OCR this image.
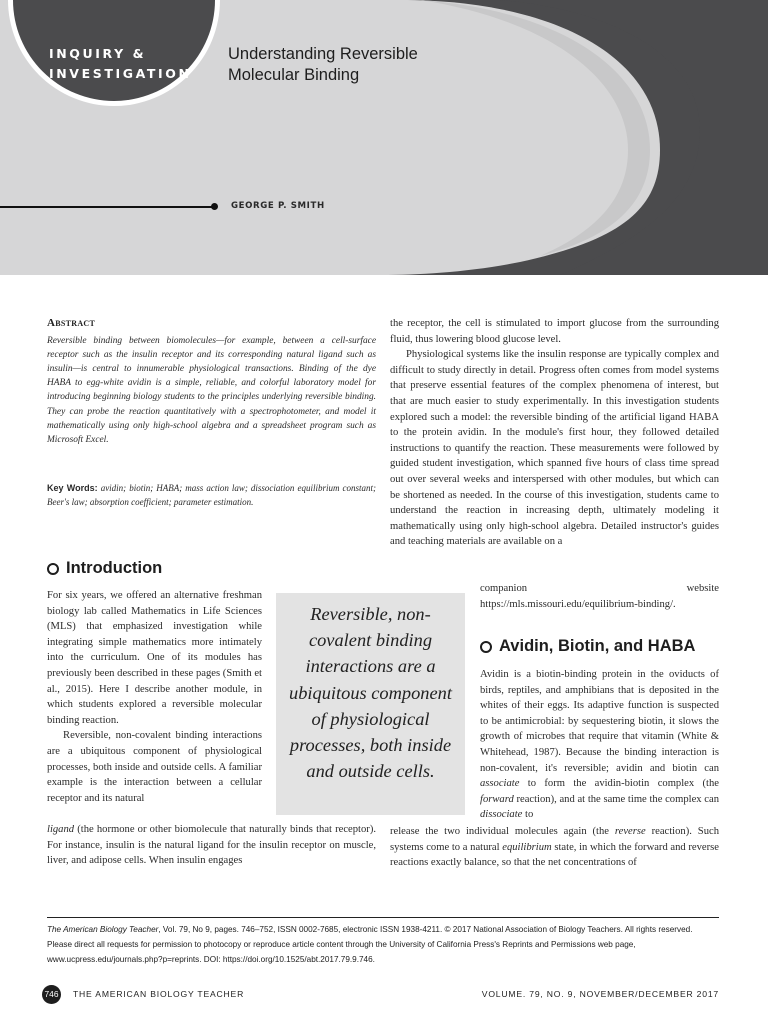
INQUIRY &
INVESTIGATION
Understanding Reversible
Molecular Binding
GEORGE P. SMITH
Abstract

Reversible binding between biomolecules—for example, between a cell-surface receptor such as the insulin receptor and its corresponding natural ligand such as insulin—is central to innumerable physiological transactions. Binding of the dye HABA to egg-white avidin is a simple, reliable, and colorful laboratory model for introducing beginning biology students to the principles underlying reversible binding. They can probe the reaction quantitatively with a spectrophotometer, and model it mathematically using only high-school algebra and a spreadsheet program such as Microsoft Excel.

Key Words: avidin; biotin; HABA; mass action law; dissociation equilibrium constant; Beer's law; absorption coefficient; parameter estimation.
Introduction

For six years, we offered an alternative freshman biology lab called Mathematics in Life Sciences (MLS) that emphasized investigation while integrating simple mathematics more intimately into the curriculum. One of its modules has previously been described in these pages (Smith et al., 2015). Here I describe another module, in which students explored a reversible molecular binding reaction.

Reversible, non-covalent binding interactions are a ubiquitous component of physiological processes, both inside and outside cells. A familiar example is the interaction between a cellular receptor and its natural

Reversible, non-covalent binding interactions are a ubiquitous component of physiological processes, both inside and outside cells.

ligand (the hormone or other biomolecule that naturally binds that receptor). For instance, insulin is the natural ligand for the insulin receptor on muscle, liver, and adipose cells. When insulin engages

the receptor, the cell is stimulated to import glucose from the surrounding fluid, thus lowering blood glucose level.

Physiological systems like the insulin response are typically complex and difficult to study directly in detail. Progress often comes from model systems that preserve essential features of the complex phenomena of interest, but that are much easier to study experimentally. In this investigation students explored such a model: the reversible binding of the artificial ligand HABA to the protein avidin. In the module's first hour, they followed detailed instructions to quantify the reaction. These measurements were followed by guided student investigation, which spanned five hours of class time spread out over several weeks and interspersed with other modules, but which can be shortened as needed. In the course of this investigation, students came to understand the reaction in increasing depth, ultimately modeling it mathematically using only high-school algebra. Detailed instructor's guides and teaching materials are available on a

companion website https://mls.missouri.edu/equilibrium-binding/.
Avidin, Biotin, and HABA

Avidin is a biotin-binding protein in the oviducts of birds, reptiles, and amphibians that is deposited in the whites of their eggs. Its adaptive function is suspected to be antimicrobial: by sequestering biotin, it slows the growth of microbes that require that vitamin (White & Whitehead, 1987). Because the binding interaction is non-covalent, it's reversible; avidin and biotin can associate to form the avidin-biotin complex (the forward reaction), and at the same time the complex can dissociate to

release the two individual molecules again (the reverse reaction). Such systems come to a natural equilibrium state, in which the forward and reverse reactions exactly balance, so that the net concentrations of

The American Biology Teacher, Vol. 79, No 9, pages. 746–752, ISSN 0002-7685, electronic ISSN 1938-4211. © 2017 National Association of Biology Teachers. All rights reserved. Please direct all requests for permission to photocopy or reproduce article content through the University of California Press's Reprints and Permissions web page, www.ucpress.edu/journals.php?p=reprints. DOI: https://doi.org/10.1525/abt.2017.79.9.746.
746 THE AMERICAN BIOLOGY TEACHER	VOLUME. 79, NO. 9, NOVEMBER/DECEMBER 2017
